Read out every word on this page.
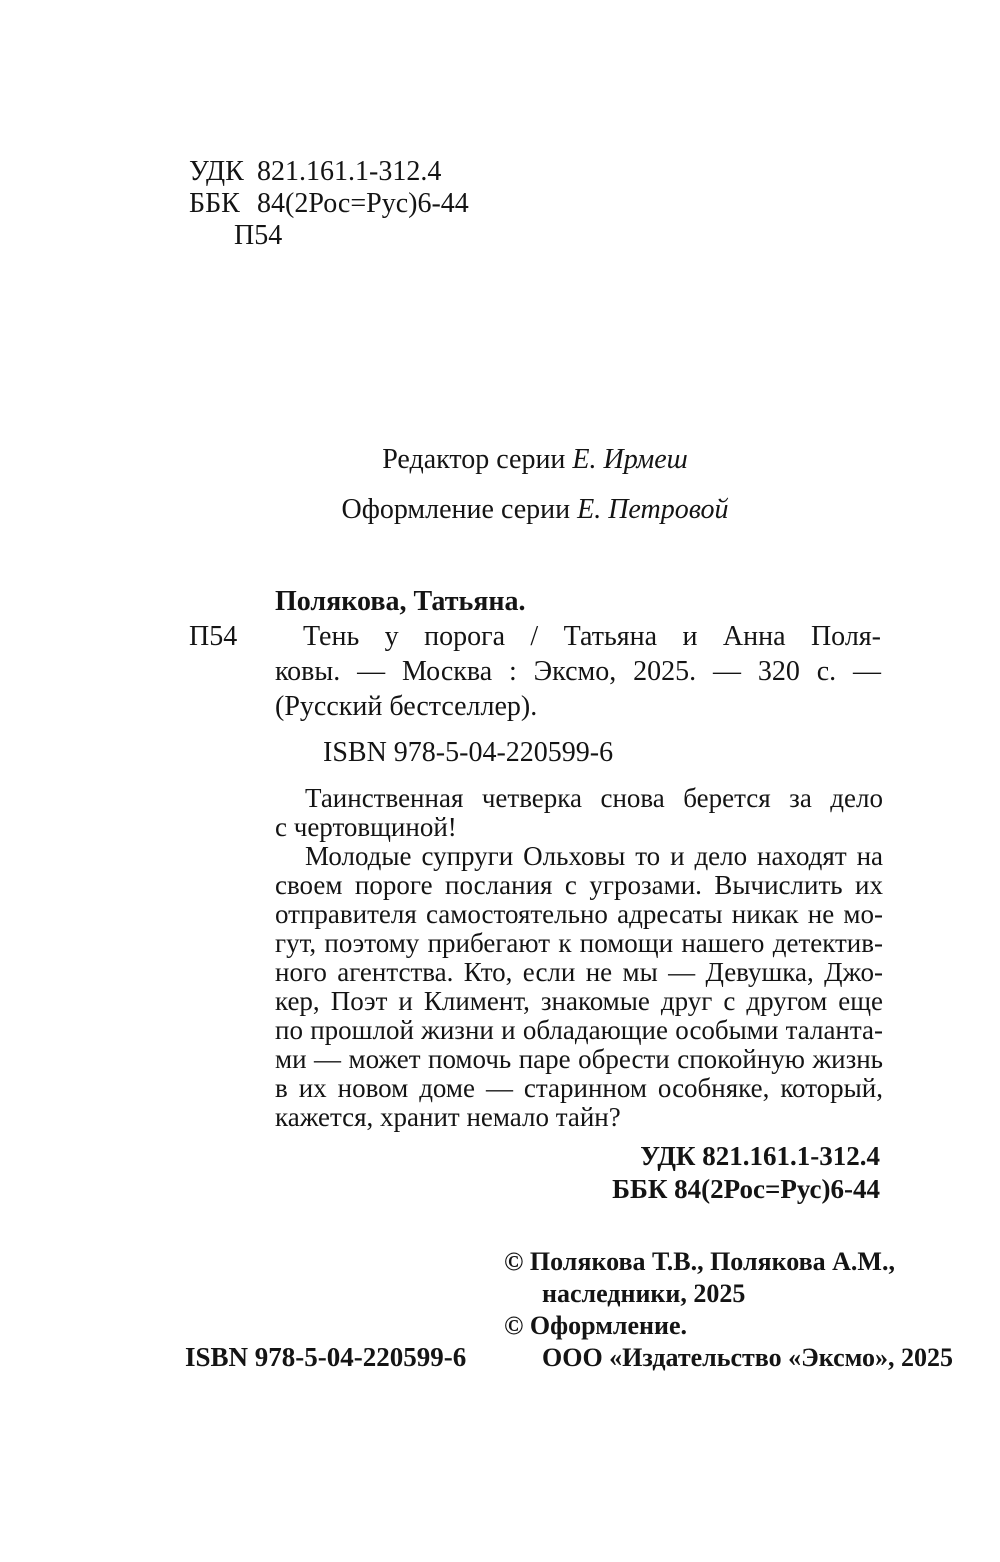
УДК 821.161.1-312.4
ББК 84(2Рос=Рус)6-44
П54
Редактор серии Е. Ирмеш
Оформление серии Е. Петровой
П54
Полякова, Татьяна.
Тень у порога / Татьяна и Анна Поля-
ковы. — Москва : Эксмо, 2025. — 320 с. —
(Русский бестселлер).
ISBN 978-5-04-220599-6
Таинственная четверка снова берется за дело
с чертовщиной!
Молодые супруги Ольховы то и дело находят на
своем пороге послания с угрозами. Вычислить их
отправителя самостоятельно адресаты никак не мо-
гут, поэтому прибегают к помощи нашего детектив-
ного агентства. Кто, если не мы — Девушка, Джо-
кер, Поэт и Климент, знакомые друг с другом еще
по прошлой жизни и обладающие особыми таланта-
ми — может помочь паре обрести спокойную жизнь
в их новом доме — старинном особняке, который,
кажется, хранит немало тайн?
УДК 821.161.1-312.4
ББК 84(2Рос=Рус)6-44
© Полякова Т.В., Полякова А.М.,
наследники, 2025
© Оформление.
ООО «Издательство «Эксмо», 2025
ISBN 978-5-04-220599-6
